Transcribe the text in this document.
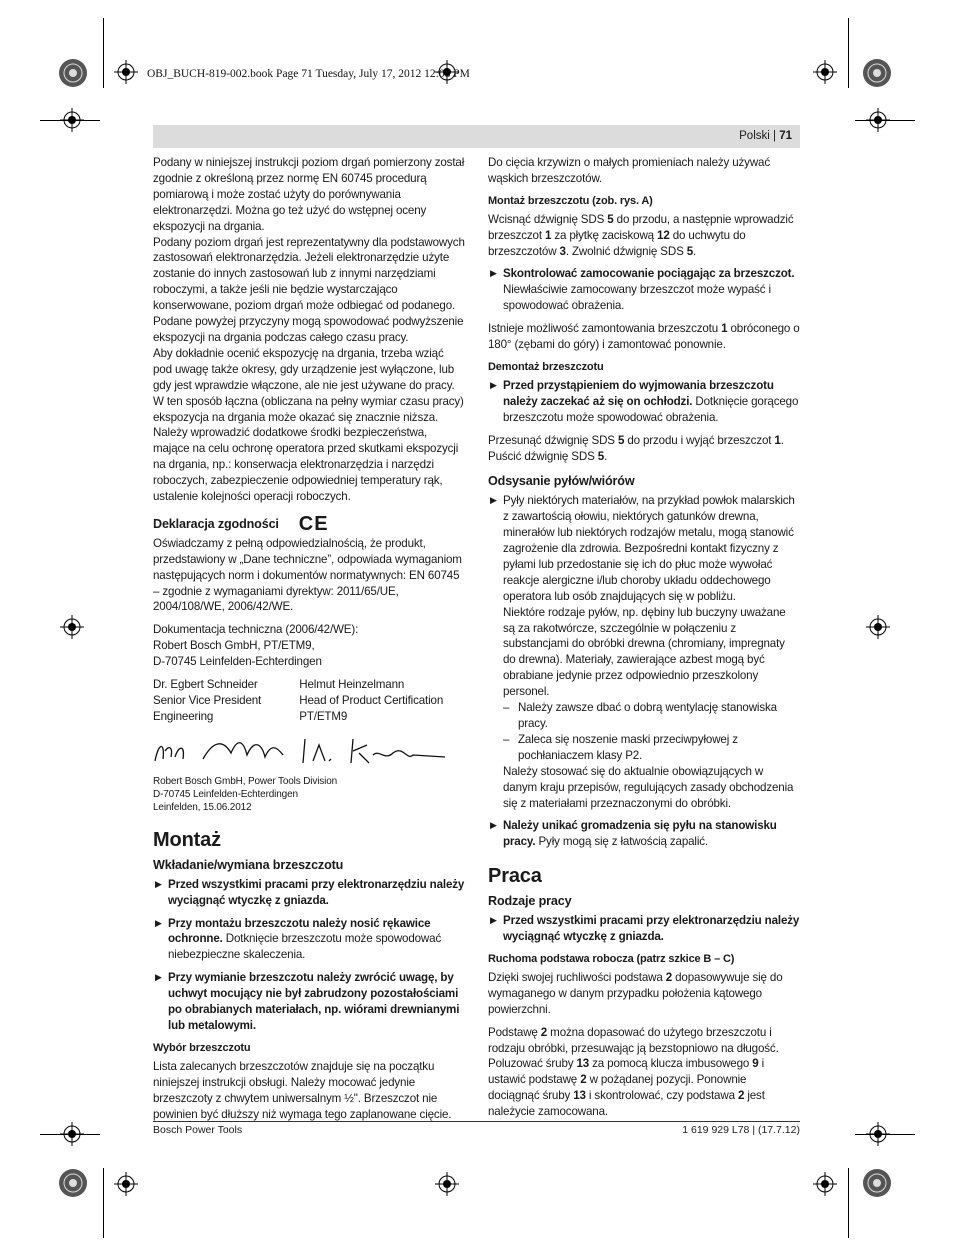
OBJ_BUCH-819-002.book Page 71 Tuesday, July 17, 2012 12:08 PM
Polski | 71

Podany w niniejszej instrukcji poziom drgań pomierzony został zgodnie z określoną przez normę EN 60745 procedurą pomiarową i może zostać użyty do porównywania elektronarzędzi. Można go też użyć do wstępnej oceny ekspozycji na drgania.

Podany poziom drgań jest reprezentatywny dla podstawowych zastosowań elektronarzędzia. Jeżeli elektronarzędzie użyte zostanie do innych zastosowań lub z innymi narzędziami roboczymi, a także jeśli nie będzie wystarczająco konserwowane, poziom drgań może odbiegać od podanego. Podane powyżej przyczyny mogą spowodować podwyższenie ekspozycji na drgania podczas całego czasu pracy.

Aby dokładnie ocenić ekspozycję na drgania, trzeba wziąć pod uwagę także okresy, gdy urządzenie jest wyłączone, lub gdy jest wprawdzie włączone, ale nie jest używane do pracy. W ten sposób łączna (obliczana na pełny wymiar czasu pracy) ekspozycja na drgania może okazać się znacznie niższa.

Należy wprowadzić dodatkowe środki bezpieczeństwa, mające na celu ochronę operatora przed skutkami ekspozycji na drgania, np.: konserwacja elektronarzędzia i narzędzi roboczych, zabezpieczenie odpowiedniej temperatury rąk, ustalenie kolejności operacji roboczych.

Deklaracja zgodności CE

Oświadczamy z pełną odpowiedzialnością, że produkt, przedstawiony w „Dane techniczne”, odpowiada wymaganiom następujących norm i dokumentów normatywnych: EN 60745 – zgodnie z wymaganiami dyrektyw: 2011/65/UE, 2004/108/WE, 2006/42/WE.

Dokumentacja techniczna (2006/42/WE):
Robert Bosch GmbH, PT/ETM9,
D-70745 Leinfelden-Echterdingen

Dr. Egbert Schneider
Senior Vice President
Engineering
Helmut Heinzelmann
Head of Product Certification
PT/ETM9

Robert Bosch GmbH, Power Tools Division
D-70745 Leinfelden-Echterdingen
Leinfelden, 15.06.2012

Montaż
Wkładanie/wymiana brzeszczotu
▶ Przed wszystkimi pracami przy elektronarzędziu należy wyciągnąć wtyczkę z gniazda.
▶ Przy montażu brzeszczotu należy nosić rękawice ochronne. Dotknięcie brzeszczotu może spowodować niebezpieczne skaleczenia.
▶ Przy wymianie brzeszczotu należy zwrócić uwagę, by uchwyt mocujący nie był zabrudzony pozostałościami po obrabianych materiałach, np. wiórami drewnianymi lub metalowymi.
Wybór brzeszczotu

Lista zalecanych brzeszczotów znajduje się na początku niniejszej instrukcji obsługi. Należy mocować jedynie brzeszczoty z chwytem uniwersalnym ½". Brzeszczot nie powinien być dłuższy niż wymaga tego zaplanowane cięcie.

Do cięcia krzywizn o małych promieniach należy używać wąskich brzeszczotów.

Montaż brzeszczotu (zob. rys. A)

Wcisnąć dźwignię SDS 5 do przodu, a następnie wprowadzić brzeszczot 1 za płytkę zaciskową 12 do uchwytu do brzeszczotów 3. Zwolnić dźwignię SDS 5.

▶ Skontrolować zamocowanie pociągając za brzeszczot. Niewłaściwie zamocowany brzeszczot może wypaść i spowodować obrażenia.

Istnieje możliwość zamontowania brzeszczotu 1 obróconego o 180° (zębami do góry) i zamontować ponownie.

Demontaż brzeszczotu
▶ Przed przystąpieniem do wyjmowania brzeszczotu należy zaczekać aż się on ochłodzi. Dotknięcie gorącego brzeszczotu może spowodować obrażenia.

Przesunąć dźwignię SDS 5 do przodu i wyjąć brzeszczot 1. Puścić dźwignię SDS 5.

Odsysanie pyłów/wiórów
▶ Pyły niektórych materiałów, na przykład powłok malarskich z zawartością ołowiu, niektórych gatunków drewna, minerałów lub niektórych rodzajów metalu, mogą stanowić zagrożenie dla zdrowia. Bezpośredni kontakt fizyczny z pyłami lub przedostanie się ich do płuc może wywołać reakcje alergiczne i/lub choroby układu oddechowego operatora lub osób znajdujących się w pobliżu.

Niektóre rodzaje pyłów, np. dębiny lub buczyny uważane są za rakotwórcze, szczególnie w połączeniu z substancjami do obróbki drewna (chromiany, impregnaty do drewna). Materiały, zawierające azbest mogą być obrabiane jedynie przez odpowiednio przeszkolony personel.

– Należy zawsze dbać o dobrą wentylację stanowiska pracy.
– Zaleca się noszenie maski przeciwpyłowej z pochłaniaczem klasy P2.

Należy stosować się do aktualnie obowiązujących w danym kraju przepisów, regulujących zasady obchodzenia się z materiałami przeznaczonymi do obróbki.

▶ Należy unikać gromadzenia się pyłu na stanowisku pracy. Pyły mogą się z łatwością zapalić.
Praca
Rodzaje pracy
▶ Przed wszystkimi pracami przy elektronarzędziu należy wyciągnąć wtyczkę z gniazda.
Ruchoma podstawa robocza (patrz szkice B – C)

Dzięki swojej ruchliwości podstawa 2 dopasowywuje się do wymaganego w danym przypadku położenia kątowego powierzchni.

Podstawę 2 można dopasować do użytego brzeszczotu i rodzaju obróbki, przesuwając ją bezstopniowo na długość. Poluzować śruby 13 za pomocą klucza imbusowego 9 i ustawić podstawę 2 w pożądanej pozycji. Ponownie dociągnąć śruby 13 i skontrolować, czy podstawa 2 jest należycie zamocowana.

Bosch Power Tools	1 619 929 L78 | (17.7.12)
